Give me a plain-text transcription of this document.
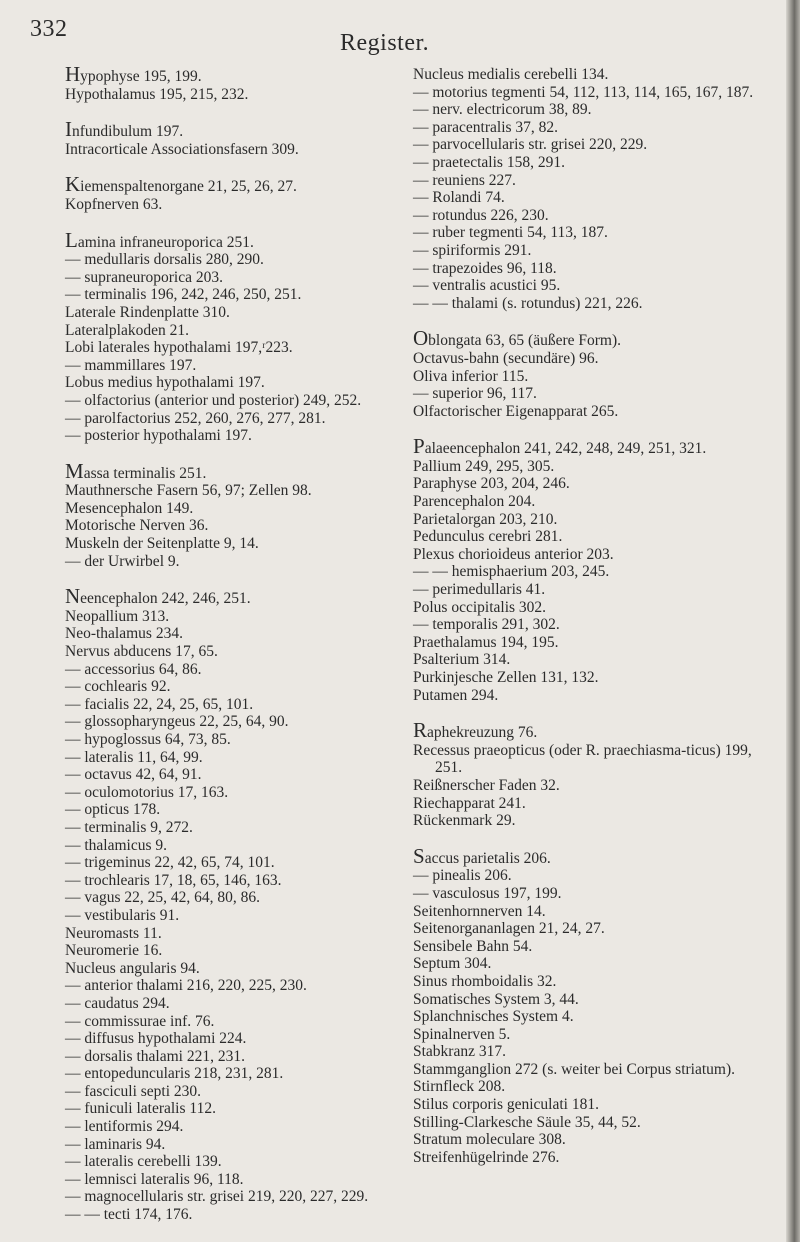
332
Register.
Hypophyse 195, 199.
Hypothalamus 195, 215, 232.
Infundibulum 197.
Intracorticale Associationsfasern 309.
Kiemenspaltenorgane 21, 25, 26, 27.
Kopfnerven 63.
Lamina infraneuroporica 251.
— medullaris dorsalis 280, 290.
— supraneuroporica 203.
— terminalis 196, 242, 246, 250, 251.
Laterale Rindenplatte 310.
Lateralplakoden 21.
Lobi laterales hypothalami 197,ʳ223.
— mammillares 197.
Lobus medius hypothalami 197.
— olfactorius (anterior und posterior) 249, 252.
— parolfactorius 252, 260, 276, 277, 281.
— posterior hypothalami 197.
Massa terminalis 251.
Mauthnersche Fasern 56, 97; Zellen 98.
Mesencephalon 149.
Motorische Nerven 36.
Muskeln der Seitenplatte 9, 14.
— der Urwirbel 9.
Neencephalon 242, 246, 251.
Neopallium 313.
Neo-thalamus 234.
Nervus abducens 17, 65.
— accessorius 64, 86.
— cochlearis 92.
— facialis 22, 24, 25, 65, 101.
— glossopharyngeus 22, 25, 64, 90.
— hypoglossus 64, 73, 85.
— lateralis 11, 64, 99.
— octavus 42, 64, 91.
— oculomotorius 17, 163.
— opticus 178.
— terminalis 9, 272.
— thalamicus 9.
— trigeminus 22, 42, 65, 74, 101.
— trochlearis 17, 18, 65, 146, 163.
— vagus 22, 25, 42, 64, 80, 86.
— vestibularis 91.
Neuromasts 11.
Neuromerie 16.
Nucleus angularis 94.
— anterior thalami 216, 220, 225, 230.
— caudatus 294.
— commissurae inf. 76.
— diffusus hypothalami 224.
— dorsalis thalami 221, 231.
— entopeduncularis 218, 231, 281.
— fasciculi septi 230.
— funiculi lateralis 112.
— lentiformis 294.
— laminaris 94.
— lateralis cerebelli 139.
— lemnisci lateralis 96, 118.
— magnocellularis str. grisei 219, 220, 227, 229.
— — tecti 174, 176.
Nucleus medialis cerebelli 134.
— motorius tegmenti 54, 112, 113, 114, 165, 167, 187.
— nerv. electricorum 38, 89.
— paracentralis 37, 82.
— parvocellularis str. grisei 220, 229.
— praetectalis 158, 291.
— reuniens 227.
— Rolandi 74.
— rotundus 226, 230.
— ruber tegmenti 54, 113, 187.
— spiriformis 291.
— trapezoides 96, 118.
— ventralis acustici 95.
— — thalami (s. rotundus) 221, 226.
Oblongata 63, 65 (äußere Form).
Octavus-bahn (secundäre) 96.
Oliva inferior 115.
— superior 96, 117.
Olfactorischer Eigenapparat 265.
Palaeencephalon 241, 242, 248, 249, 251, 321.
Pallium 249, 295, 305.
Paraphyse 203, 204, 246.
Parencephalon 204.
Parietalorgan 203, 210.
Pedunculus cerebri 281.
Plexus chorioideus anterior 203.
— — hemisphaerium 203, 245.
— perimedullaris 41.
Polus occipitalis 302.
— temporalis 291, 302.
Praethalamus 194, 195.
Psalterium 314.
Purkinjesche Zellen 131, 132.
Putamen 294.
Raphekreuzung 76.
Recessus praeopticus (oder R. praechiasma-ticus) 199, 251.
Reißnerscher Faden 32.
Riechapparat 241.
Rückenmark 29.
Saccus parietalis 206.
— pinealis 206.
— vasculosus 197, 199.
Seitenhornnerven 14.
Seitenorgananlagen 21, 24, 27.
Sensibele Bahn 54.
Septum 304.
Sinus rhomboidalis 32.
Somatisches System 3, 44.
Splanchnisches System 4.
Spinalnerven 5.
Stabkranz 317.
Stammganglion 272 (s. weiter bei Corpus striatum).
Stirnfleck 208.
Stilus corporis geniculati 181.
Stilling-Clarkesche Säule 35, 44, 52.
Stratum moleculare 308.
Streifenhügelrinde 276.
